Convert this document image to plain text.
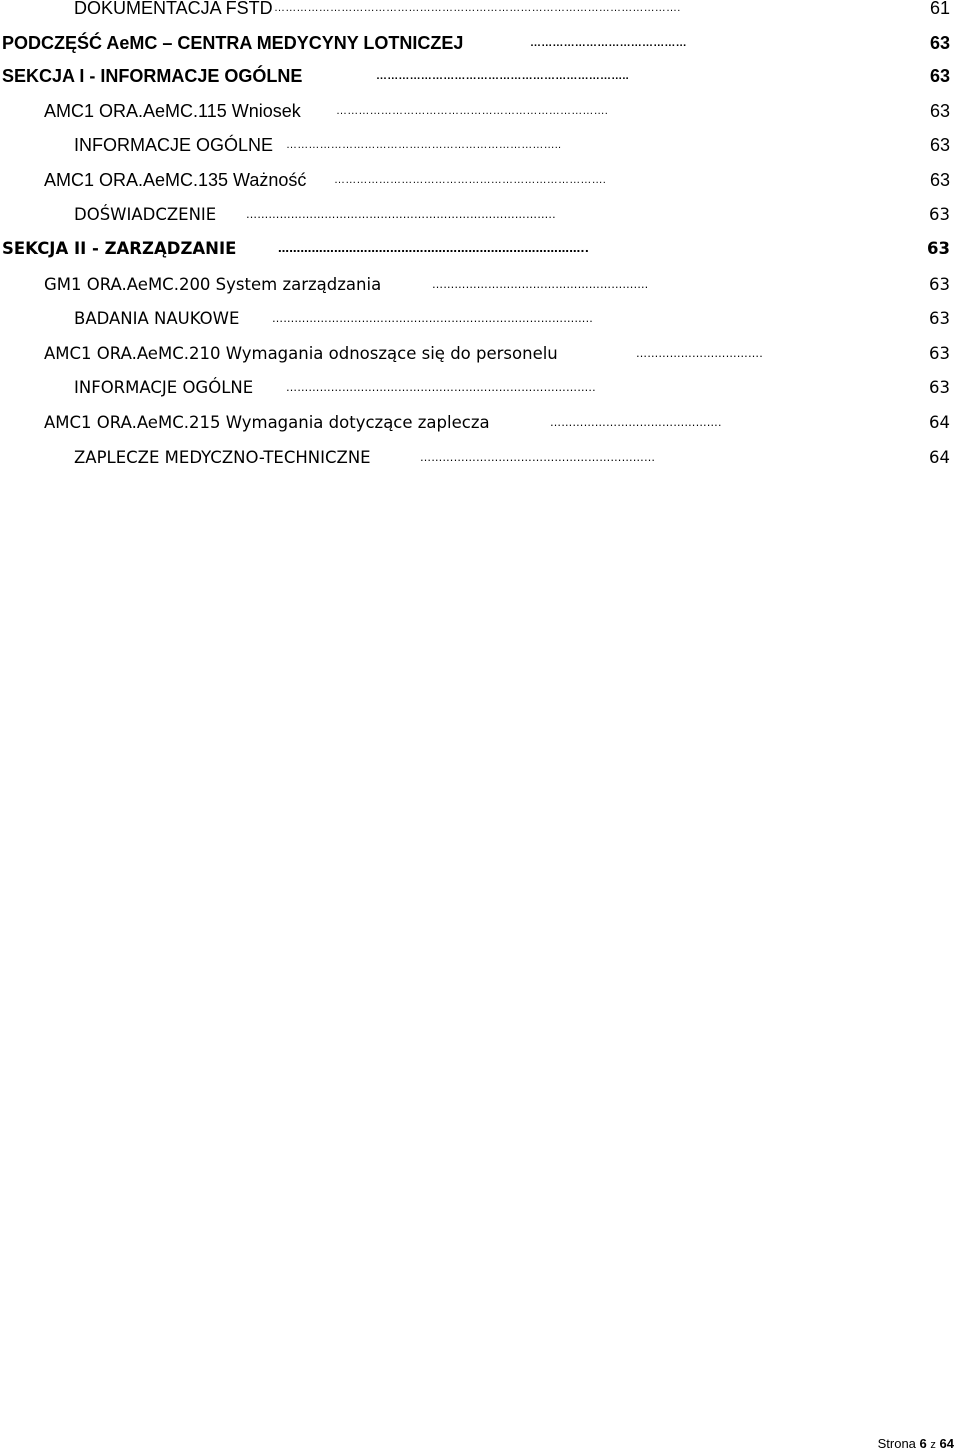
DOKUMENTACJA FSTD ……………………………………………………………………………………………….	61
PODCZĘŚĆ AeMC – CENTRA MEDYCYNY LOTNICZEJ	……………………………………	63
SEKCJA I - INFORMACJE OGÓLNE	…………………………………………………………..	63
AMC1 ORA.AeMC.115 Wniosek	……………………………………………………………….	63
INFORMACJE OGÓLNE ………………………………………………………………..	63
AMC1 ORA.AeMC.135 Ważność	……………………………………………………………….	63
DOŚWIADCZENIE	………………………………………………………………………..	63
SEKCJA II - ZARZĄDZANIE	………………………………………………………………………..	63
GM1 ORA.AeMC.200 System zarządzania	……………………………………………….…	63
BADANIA NAUKOWE	…………………………………………………………………………..	63
AMC1 ORA.AeMC.210 Wymagania odnoszące się do personelu	…………………………….	63
INFORMACJE OGÓLNE	………………………………………………………………………..	63
AMC1 ORA.AeMC.215 Wymagania dotyczące zaplecza	……………………………………….	64
ZAPLECZE MEDYCZNO-TECHNICZNE	………………………………………………………	64
Strona 6 z 64
